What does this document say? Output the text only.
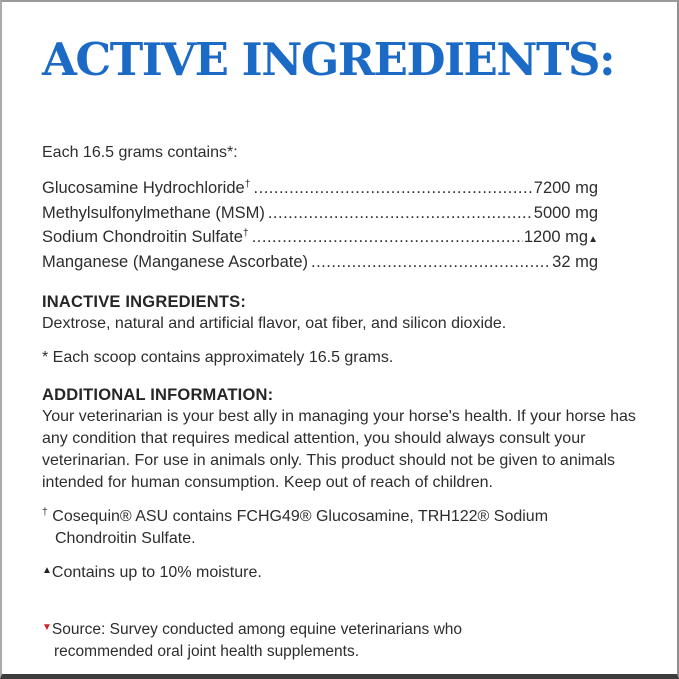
ACTIVE INGREDIENTS:
Each 16.5 grams contains*:
Glucosamine Hydrochloride† .....	7200 mg
Methylsulfonylmethane (MSM) .....	5000 mg
Sodium Chondroitin Sulfate† .....	1200 mg ▲
Manganese (Manganese Ascorbate) .....	32 mg
INACTIVE INGREDIENTS:
Dextrose, natural and artificial flavor, oat fiber, and silicon dioxide.
* Each scoop contains approximately 16.5 grams.
ADDITIONAL INFORMATION:
Your veterinarian is your best ally in managing your horse's health. If your horse has any condition that requires medical attention, you should always consult your veterinarian. For use in animals only. This product should not be given to animals intended for human consumption. Keep out of reach of children.
† Cosequin® ASU contains FCHG49® Glucosamine, TRH122® Sodium Chondroitin Sulfate.
▲Contains up to 10% moisture.
▼Source: Survey conducted among equine veterinarians who recommended oral joint health supplements.
